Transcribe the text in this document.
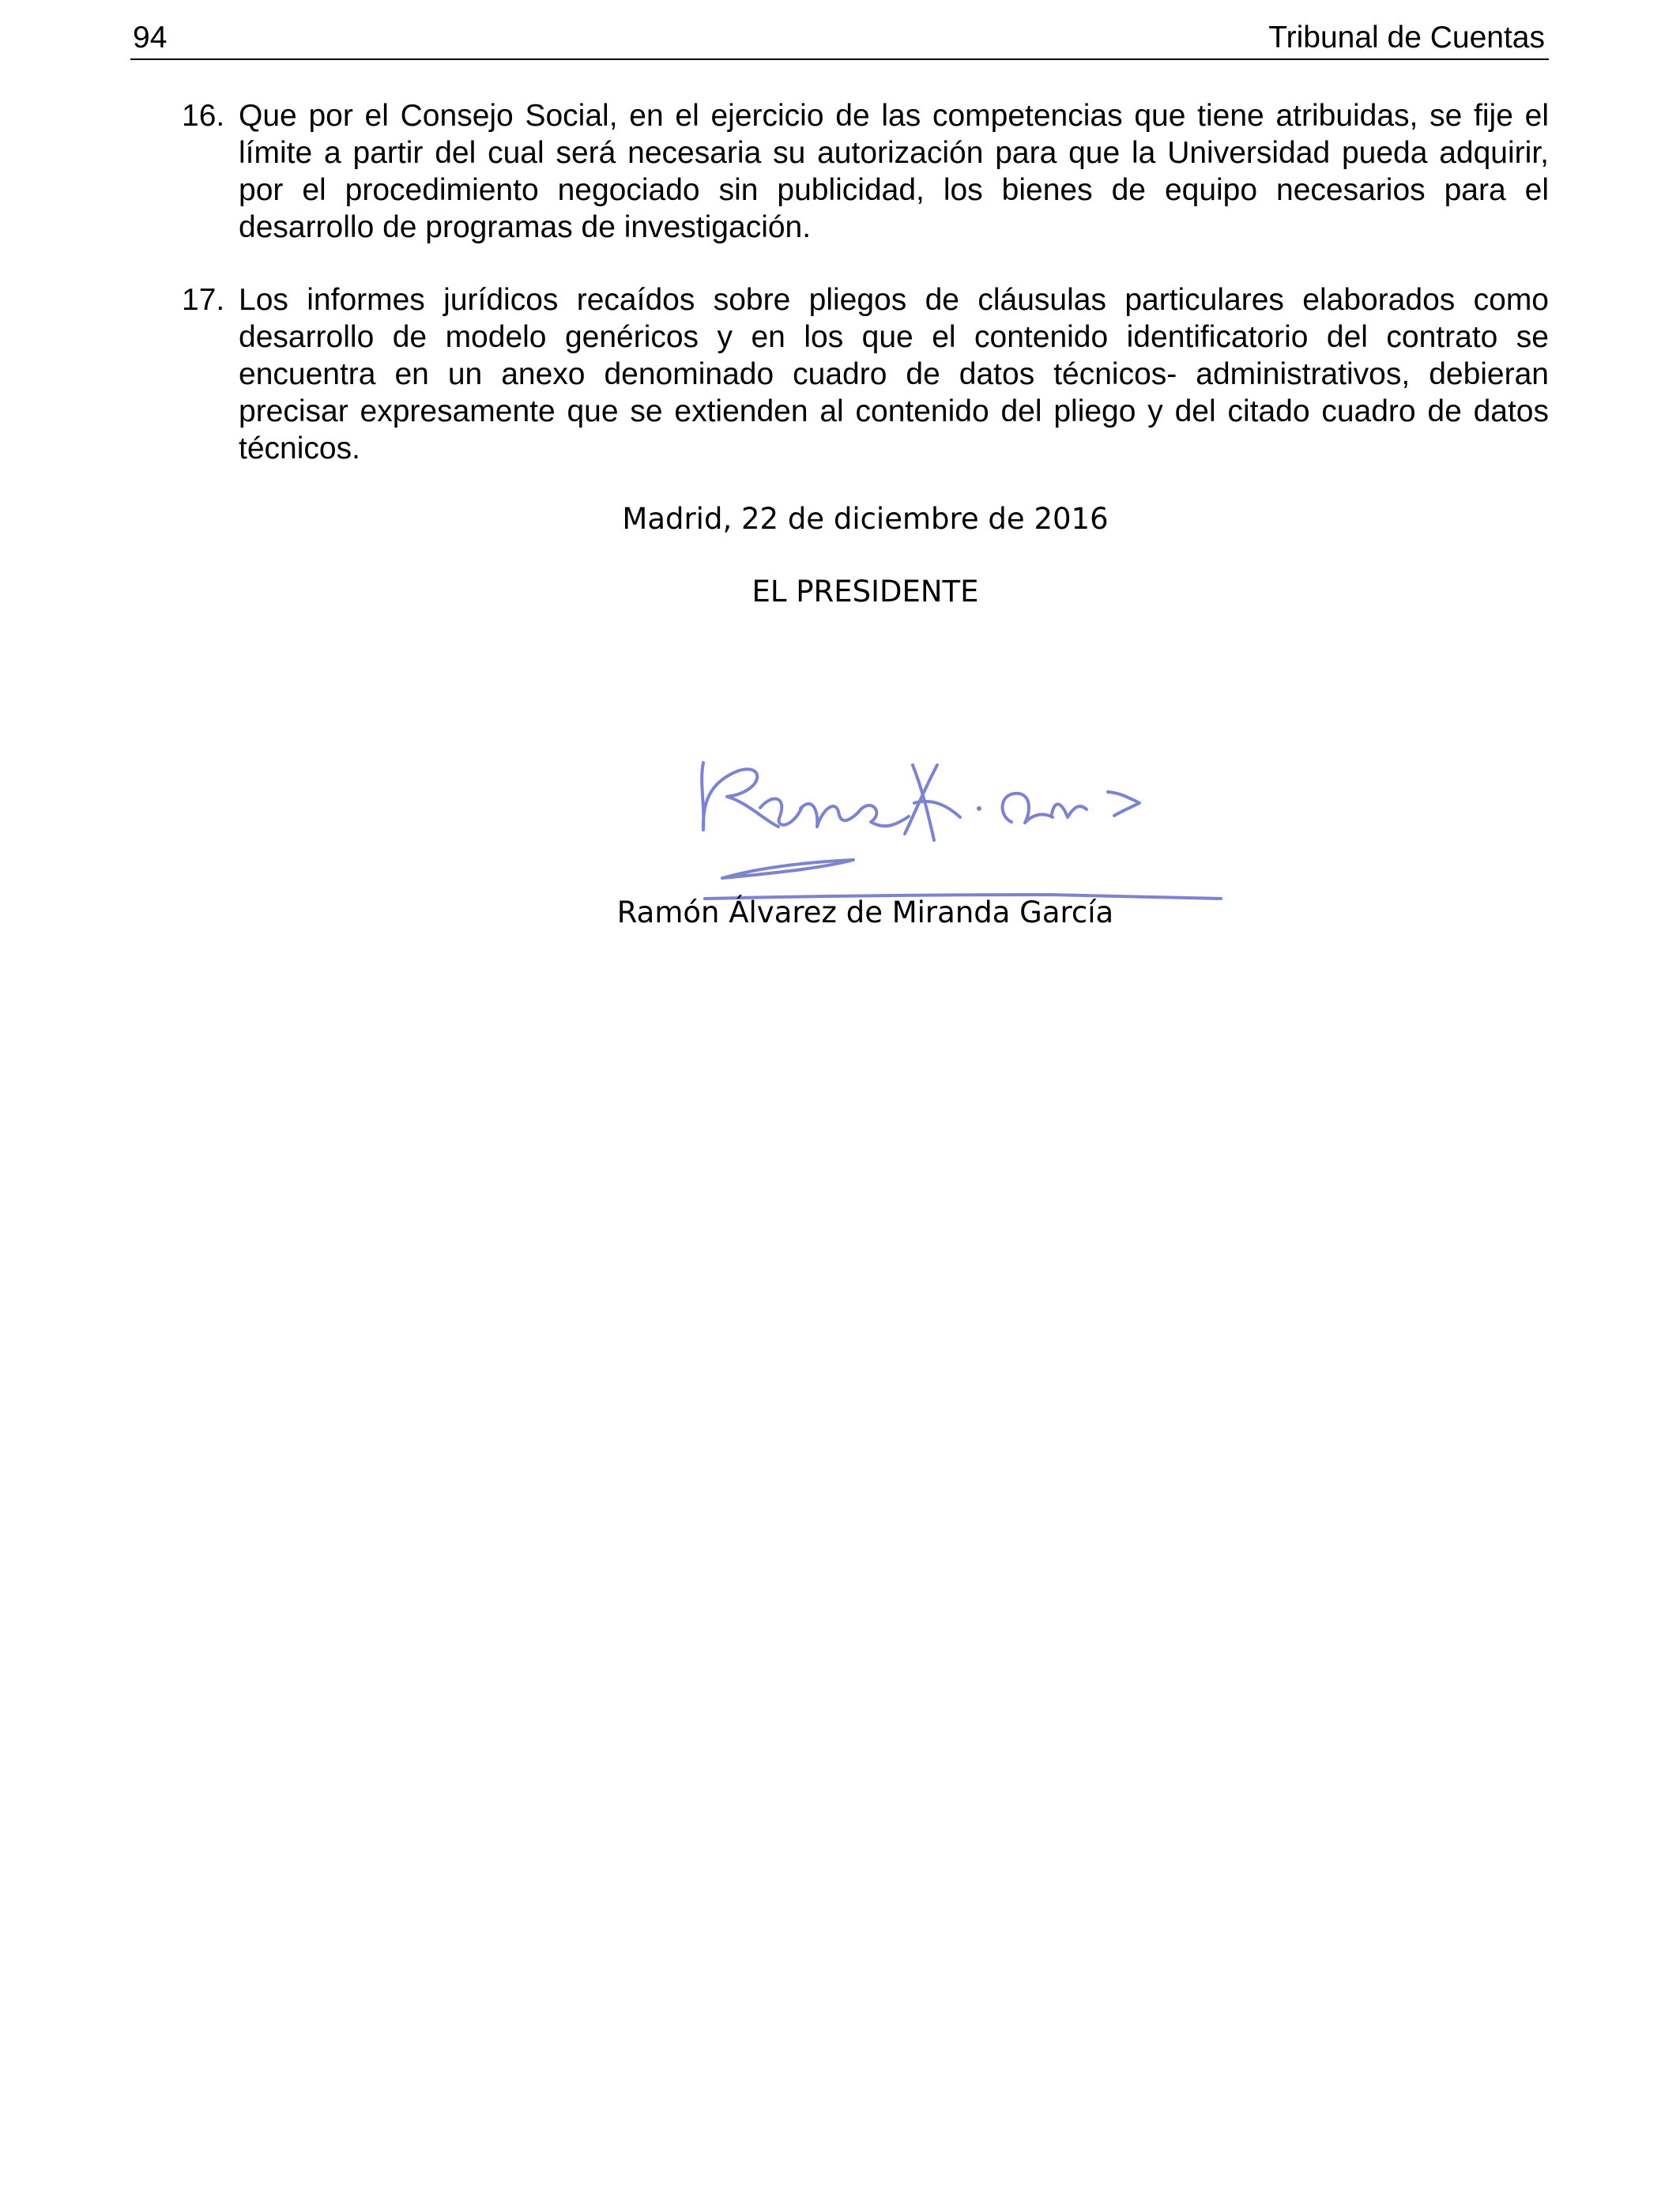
94	Tribunal de Cuentas
16. Que por el Consejo Social, en el ejercicio de las competencias que tiene atribuidas, se fije el límite a partir del cual será necesaria su autorización para que la Universidad pueda adquirir, por el procedimiento negociado sin publicidad, los bienes de equipo necesarios para el desarrollo de programas de investigación.
17. Los informes jurídicos recaídos sobre pliegos de cláusulas particulares elaborados como desarrollo de modelo genéricos y en los que el contenido identificatorio del contrato se encuentra en un anexo denominado cuadro de datos técnicos- administrativos, debieran precisar expresamente que se extienden al contenido del pliego y del citado cuadro de datos técnicos.
Madrid, 22 de diciembre de 2016
EL PRESIDENTE
Ramón Álvarez de Miranda García
